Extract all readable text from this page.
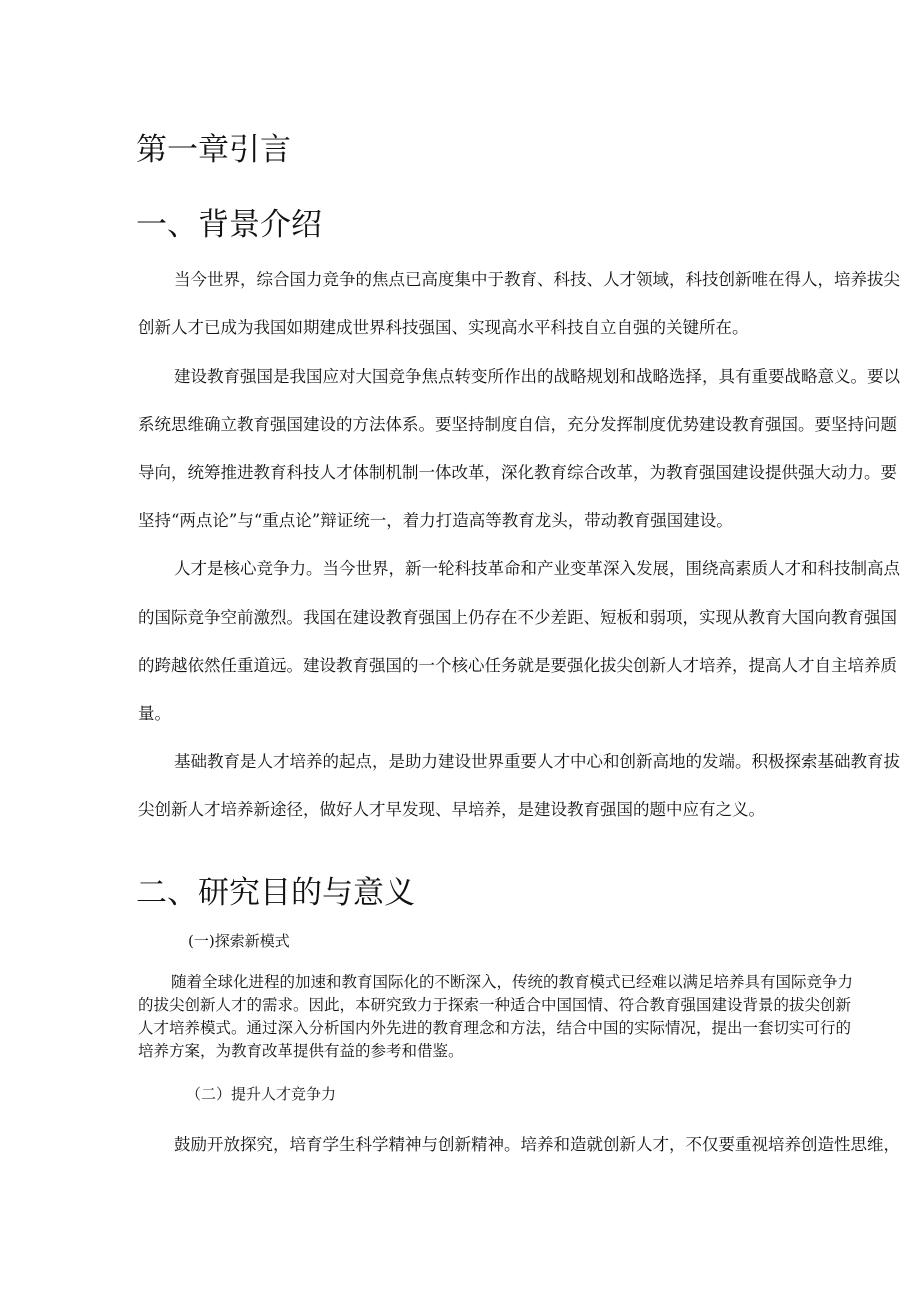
第一章引言
一、背景介绍

当今世界，综合国力竞争的焦点已高度集中于教育、科技、人才领域，科技创新唯在得人，培养拔尖

创新人才已成为我国如期建成世界科技强国、实现高水平科技自立自强的关键所在。

建设教育强国是我国应对大国竞争焦点转变所作出的战略规划和战略选择，具有重要战略意义。要以

系统思维确立教育强国建设的方法体系。要坚持制度自信，充分发挥制度优势建设教育强国。要坚持问题

导向，统筹推进教育科技人才体制机制一体改革，深化教育综合改革，为教育强国建设提供强大动力。要

坚持“两点论”与“重点论”辩证统一，着力打造高等教育龙头，带动教育强国建设。

人才是核心竞争力。当今世界，新一轮科技革命和产业变革深入发展，围绕高素质人才和科技制高点

的国际竞争空前激烈。我国在建设教育强国上仍存在不少差距、短板和弱项，实现从教育大国向教育强国

的跨越依然任重道远。建设教育强国的一个核心任务就是要强化拔尖创新人才培养，提高人才自主培养质

量。

基础教育是人才培养的起点，是助力建设世界重要人才中心和创新高地的发端。积极探索基础教育拔

尖创新人才培养新途径，做好人才早发现、早培养，是建设教育强国的题中应有之义。

二、研究目的与意义
(一)探索新模式

随着全球化进程的加速和教育国际化的不断深入，传统的教育模式已经难以满足培养具有国际竞争力

的拔尖创新人才的需求。因此，本研究致力于探索一种适合中国国情、符合教育强国建设背景的拔尖创新

人才培养模式。通过深入分析国内外先进的教育理念和方法，结合中国的实际情况，提出一套切实可行的

培养方案，为教育改革提供有益的参考和借鉴。

（二）提升人才竞争力

鼓励开放探究，培育学生科学精神与创新精神。培养和造就创新人才，不仅要重视培养创造性思维，
